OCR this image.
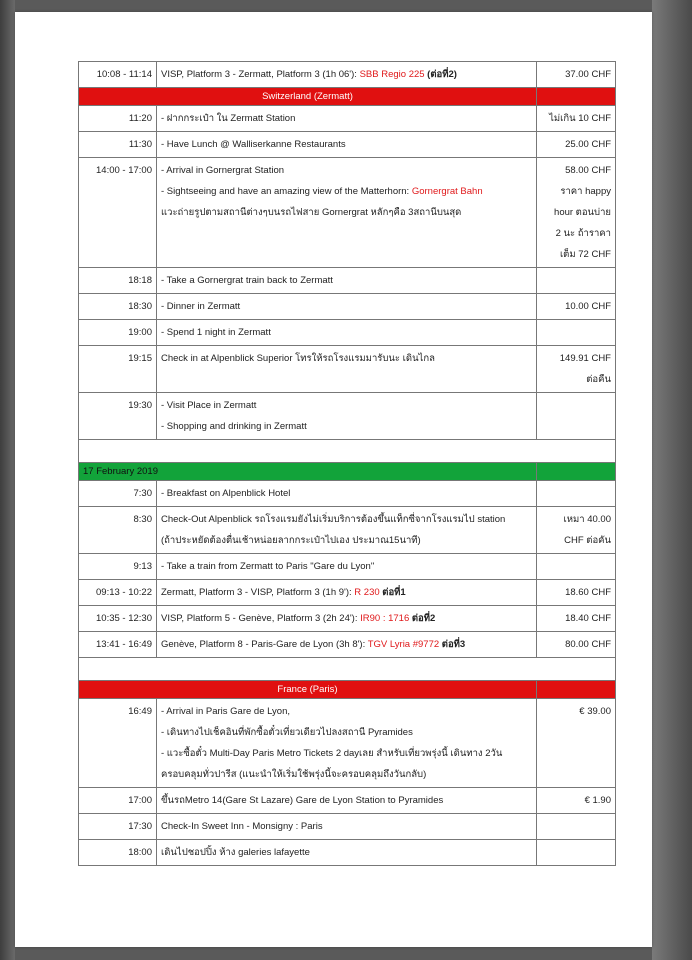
10:08 - 11:14	VISP, Platform 3 - Zermatt, Platform 3 (1h 06'): SBB Regio 225 (ต่อที่2)	37.00 CHF
Switzerland (Zermatt)		
11:20	- ฝากกระเป๋า ใน Zermatt Station	ไม่เกิน 10 CHF
11:30	- Have Lunch @ Walliserkanne Restaurants	25.00 CHF
14:00 - 17:00	- Arrival in Gornergrat Station
- Sightseeing and have an amazing view of the Matterhorn: Gornergrat Bahn
แวะถ่ายรูปตามสถานีต่างๆบนรถไฟสาย Gornergrat หลักๆคือ 3สถานีบนสุด	58.00 CHF
ราคา happy
hour ตอนบ่าย
2 นะ ถ้าราคา
เต็ม 72 CHF

18:18	- Take a Gornergrat train back to Zermatt	

18:30	- Dinner in Zermatt	10.00 CHF
19:00	- Spend 1 night in Zermatt	

19:15	Check in at Alpenblick Superior โทรให้รถโรงแรมมารับนะ เดินไกล	149.91 CHF
ต่อคืน

19:30	- Visit Place in Zermatt
- Shopping and drinking in Zermatt	

17 February 2019		
7:30	- Breakfast on Alpenblick Hotel	

8:30	Check-Out Alpenblick รถโรงแรมยังไม่เริ่มบริการต้องขึ้นแท็กซี่จากโรงแรมไป station
(ถ้าประหยัดต้องตื่นเช้าหน่อยลากกระเป๋าไปเอง ประมาณ15นาที)	เหมา 40.00
CHF ต่อคัน

9:13	- Take a train from Zermatt to Paris "Gare du Lyon"	

09:13 - 10:22	Zermatt, Platform 3 - VISP, Platform 3 (1h 9'): R 230 ต่อที่1	18.60 CHF
10:35 - 12:30	VISP, Platform 5 - Genève, Platform 3 (2h 24'): IR90 : 1716 ต่อที่2	18.40 CHF
13:41 - 16:49	Genève, Platform 8 - Paris-Gare de Lyon (3h 8'): TGV Lyria #9772 ต่อที่3	80.00 CHF

France (Paris)		
16:49	- Arrival in Paris Gare de Lyon,
- เดินทางไปเช็คอินที่พักซื้อตั๋วเที่ยวเดียวไปลงสถานี Pyramides
- แวะซื้อตั๋ว Multi-Day Paris Metro Tickets 2 dayเลย สำหรับเที่ยวพรุ่งนี้ เดินทาง 2วัน
ครอบคลุมทั่วปารีส (แนะนำให้เริ่มใช้พรุ่งนี้จะครอบคลุมถึงวันกลับ)	€ 39.00

17:00	ขึ้นรถMetro 14(Gare St Lazare) Gare de Lyon Station to Pyramides	€ 1.90
17:30	Check-In Sweet Inn - Monsigny : Paris	

18:00	เดินไปชอปปิ้ง ห้าง galeries lafayette	
